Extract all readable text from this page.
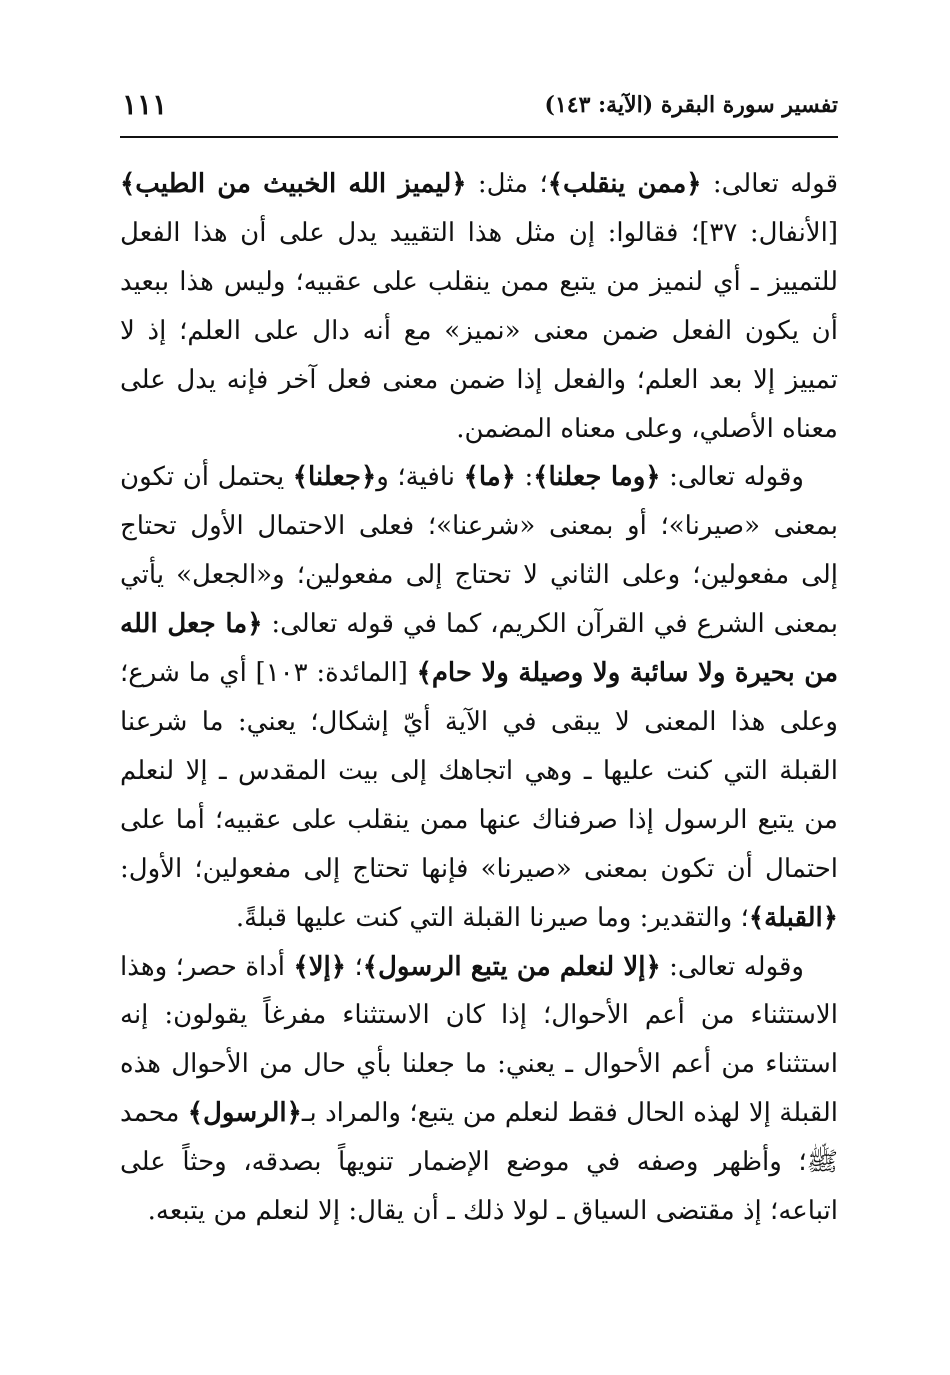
تفسير سورة البقرة (الآية: ١٤٣)
١١١

قوله تعالى: ﴿ممن ينقلب﴾؛ مثل: ﴿ليميز الله الخبيث من الطيب﴾ [الأنفال: ٣٧]؛ فقالوا: إن مثل هذا التقييد يدل على أن هذا الفعل للتمييز ـ أي لنميز من يتبع ممن ينقلب على عقبيه؛ وليس هذا ببعيد أن يكون الفعل ضمن معنى «نميز» مع أنه دال على العلم؛ إذ لا تمييز إلا بعد العلم؛ والفعل إذا ضمن معنى فعل آخر فإنه يدل على معناه الأصلي، وعلى معناه المضمن.

وقوله تعالى: ﴿وما جعلنا﴾: ﴿ما﴾ نافية؛ و﴿جعلنا﴾ يحتمل أن تكون بمعنى «صيرنا»؛ أو بمعنى «شرعنا»؛ فعلى الاحتمال الأول تحتاج إلى مفعولين؛ وعلى الثاني لا تحتاج إلى مفعولين؛ و«الجعل» يأتي بمعنى الشرع في القرآن الكريم، كما في قوله تعالى: ﴿ما جعل الله من بحيرة ولا سائبة ولا وصيلة ولا حام﴾ [المائدة: ١٠٣] أي ما شرع؛ وعلى هذا المعنى لا يبقى في الآية أيّ إشكال؛ يعني: ما شرعنا القبلة التي كنت عليها ـ وهي اتجاهك إلى بيت المقدس ـ إلا لنعلم من يتبع الرسول إذا صرفناك عنها ممن ينقلب على عقبيه؛ أما على احتمال أن تكون بمعنى «صيرنا» فإنها تحتاج إلى مفعولين؛ الأول: ﴿القبلة﴾؛ والتقدير: وما صيرنا القبلة التي كنت عليها قبلةً.

وقوله تعالى: ﴿إلا لنعلم من يتبع الرسول﴾؛ ﴿إلا﴾ أداة حصر؛ وهذا الاستثناء من أعم الأحوال؛ إذا كان الاستثناء مفرغاً يقولون: إنه استثناء من أعم الأحوال ـ يعني: ما جعلنا بأي حال من الأحوال هذه القبلة إلا لهذه الحال فقط لنعلم من يتبع؛ والمراد بـ﴿الرسول﴾ محمد ﷺ؛ وأظهر وصفه في موضع الإضمار تنويهاً بصدقه، وحثاً على اتباعه؛ إذ مقتضى السياق ـ لولا ذلك ـ أن يقال: إلا لنعلم من يتبعه.
